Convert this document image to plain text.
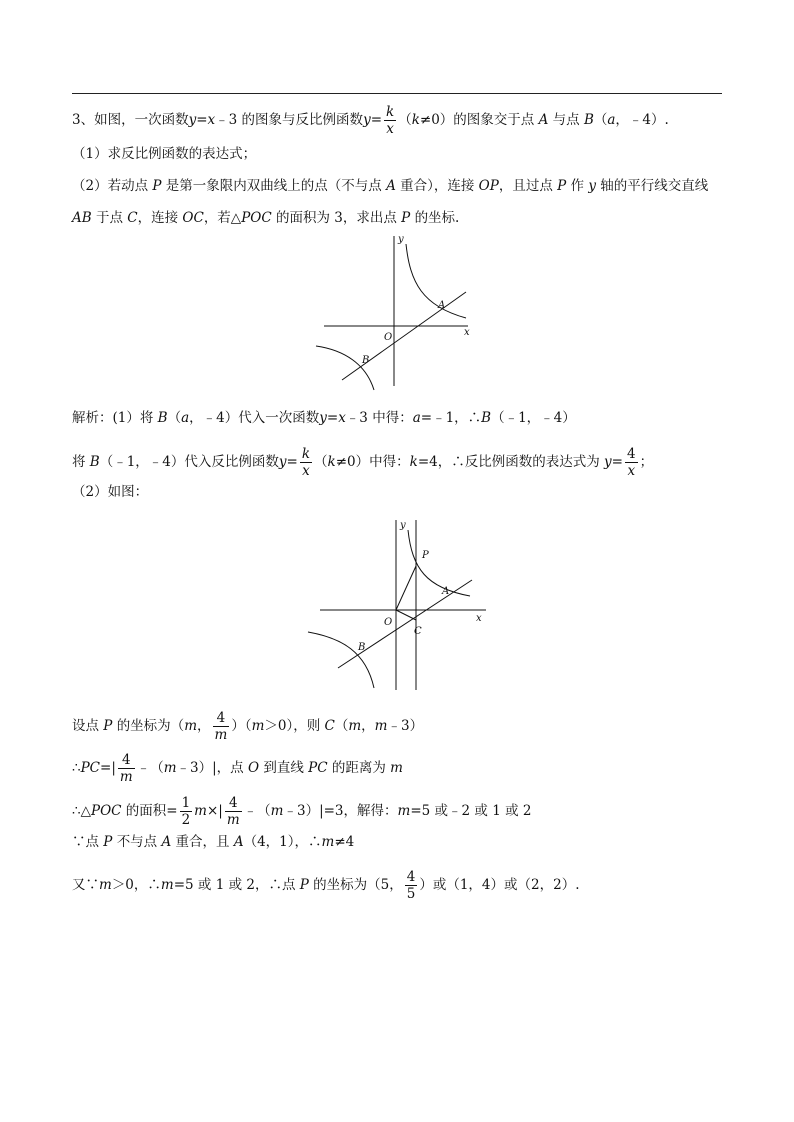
3、如图，一次函数y=x﹣3 的图象与反比例函数$y= \frac{k}{x} (k\ne 0)$的图象交于点 A 与点 B（a，﹣4）.
（1）求反比例函数的表达式；
（2）若动点 P 是第一象限内双曲线上的点（不与点 A 重合），连接 OP，且过点 P 作 y 轴的平行线交直线
AB 于点 C，连接 OC，若△POC 的面积为 3，求出点 P 的坐标.
y
x
O
A
B
解析：(1）将 B（a，﹣4）代入一次函数y=x﹣3 中得：a=﹣1，∴B（﹣1，﹣4）
将 B（﹣1，﹣4）代入反比例函数$y= \frac{k}{x} (k\ne 0)$中得：k=4，∴反比例函数的表达式为 $y= \frac{4}{x}$ ；
（2）如图：
y
x
O
P
A
C
B
设点 P 的坐标为（m， $\frac{4}{m} )(m>0)$，则 C（m，m﹣3）
∴PC=| $\frac{4}{m}$ ﹣（m﹣3）|，点 O 到直线 PC 的距离为 m
∴△POC 的面积= $\frac{1}{2} m\times| \frac{4}{m}$ ﹣（m﹣3）|=3，解得：m=5 或﹣2 或 1 或 2
∵点 P 不与点 A 重合，且 A（4，1），∴m≠4
又∵m＞0，∴m=5 或 1 或 2，∴点 P 的坐标为（5， $\frac{4}{5}$ ）或（1，4）或（2，2）.
